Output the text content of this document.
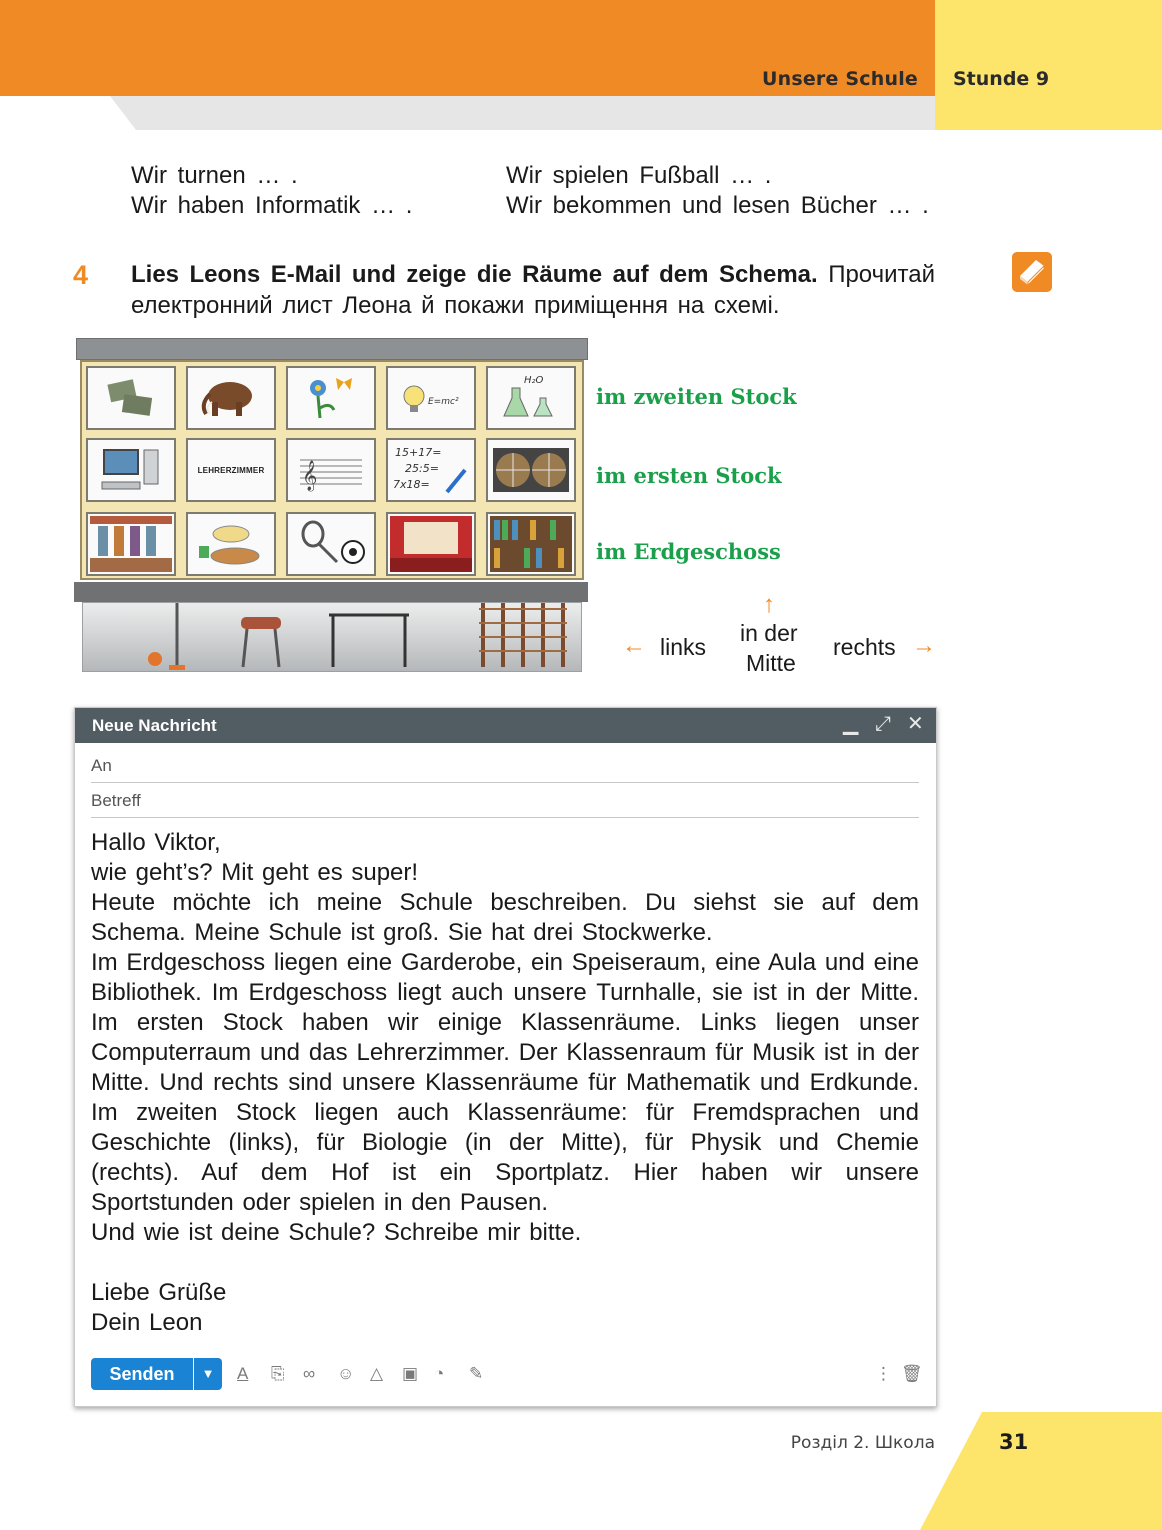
Unsere Schule Stunde 9
Wir turnen … .
Wir haben Informatik … .
Wir spielen Fußball … .
Wir bekommen und lesen Bücher … .
4 Lies Leons E-Mail und zeige die Räume auf dem Schema. Прочитай електронний лист Леона й покажи приміщення на схемі.
E=mc²
H₂O
LEHRERZIMMER 𝄞
15+17=
25:5=
7x18=
im zweiten Stock
im ersten Stock
im Erdgeschoss
← links
↑
in der
Mitte
rechts →
Neue Nachricht	▁ ⤢ ✕
An
Betreff

Hallo Viktor,

wie geht’s? Mit geht es super!

Heute möchte ich meine Schule beschreiben. Du siehst sie auf dem Schema. Meine Schule ist groß. Sie hat drei Stockwerke.

Im Erdgeschoss liegen eine Garderobe, ein Speiseraum, eine Aula und eine Bibliothek. Im Erdgeschoss liegt auch unsere Turnhalle, sie ist in der Mitte. Im ersten Stock haben wir einige Klassenräume. Links liegen unser Computerraum und das Lehrerzimmer. Der Klassenraum für Musik ist in der Mitte. Und rechts sind unsere Klassenräume für Mathematik und Erdkunde. Im zweiten Stock liegen auch Klassenräume: für Fremdsprachen und Geschichte (links), für Biologie (in der Mitte), für Physik und Chemie (rechts). Auf dem Hof ist ein Sportplatz. Hier haben wir unsere Sportstunden oder spielen in den Pausen.

Und wie ist deine Schule? Schreibe mir bitte.

Liebe Grüße

Dein Leon

Senden	▼	A ⎘ ∞ ☺ △ ▣ ◔ ✎	⋮ 🗑
Розділ 2. Школа	31
